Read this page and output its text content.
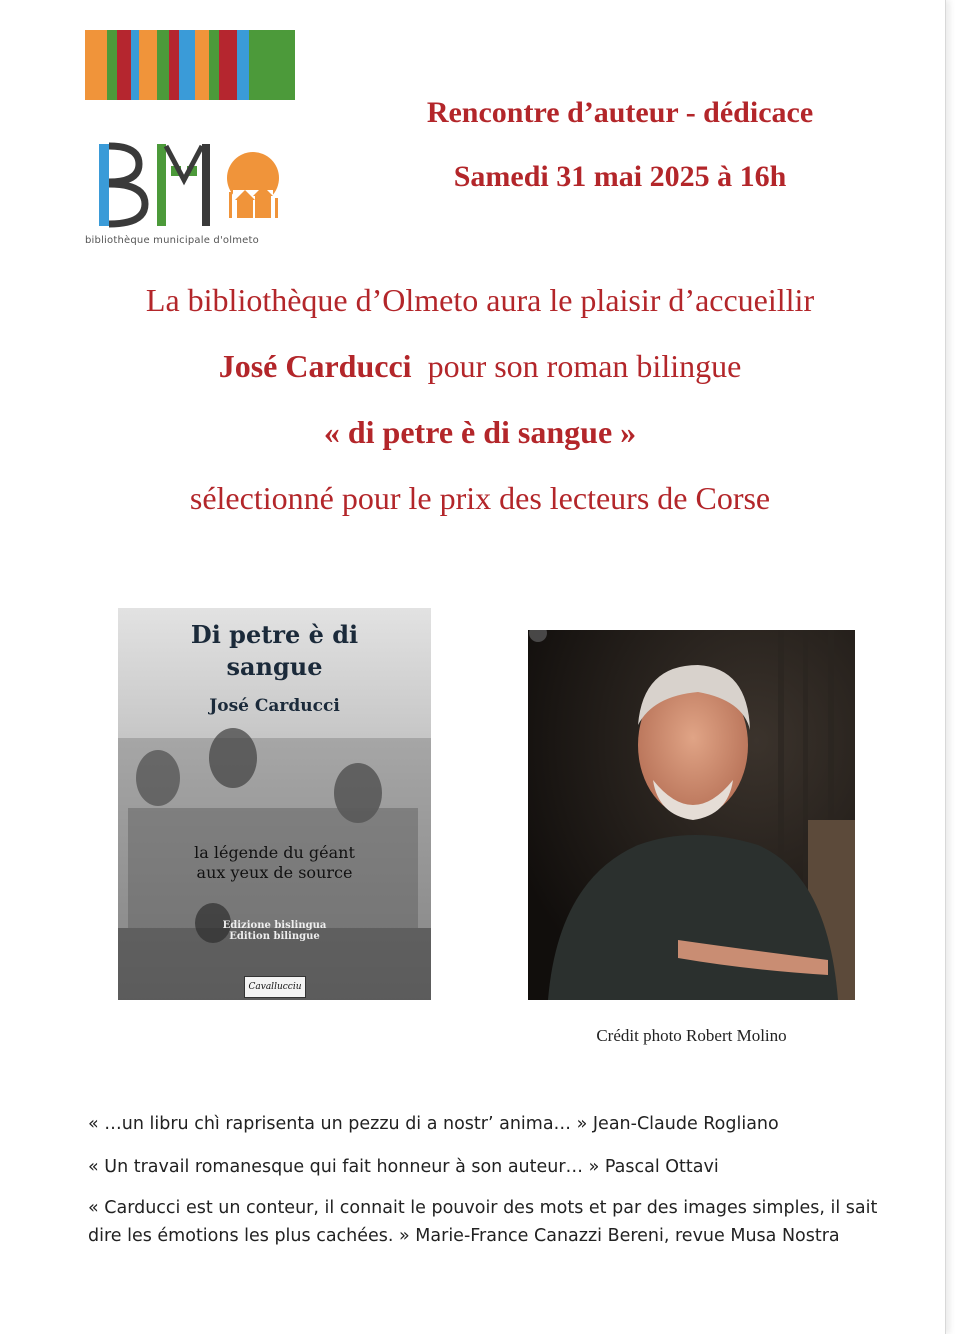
bibliothèque municipale d'olmeto
Rencontre d’auteur - dédicace
Samedi 31 mai 2025 à 16h
La bibliothèque d’Olmeto aura le plaisir d’accueillir
José Carducci  pour son roman bilingue
« di petre è di sangue »
sélectionné pour le prix des lecteurs de Corse
Di petre è di
sangue
José Carducci
la légende du géant
aux yeux de source
Edizione bislingua
Edition bilingue
Cavallucciu
Crédit photo Robert Molino
« …un libru chì raprisenta un pezzu di a nostr’ anima… » Jean-Claude Rogliano
« Un travail romanesque qui fait honneur à son auteur… » Pascal Ottavi
« Carducci est un conteur, il connait le pouvoir des mots et par des images simples, il sait dire les émotions les plus cachées. » Marie-France Canazzi Bereni, revue Musa Nostra
